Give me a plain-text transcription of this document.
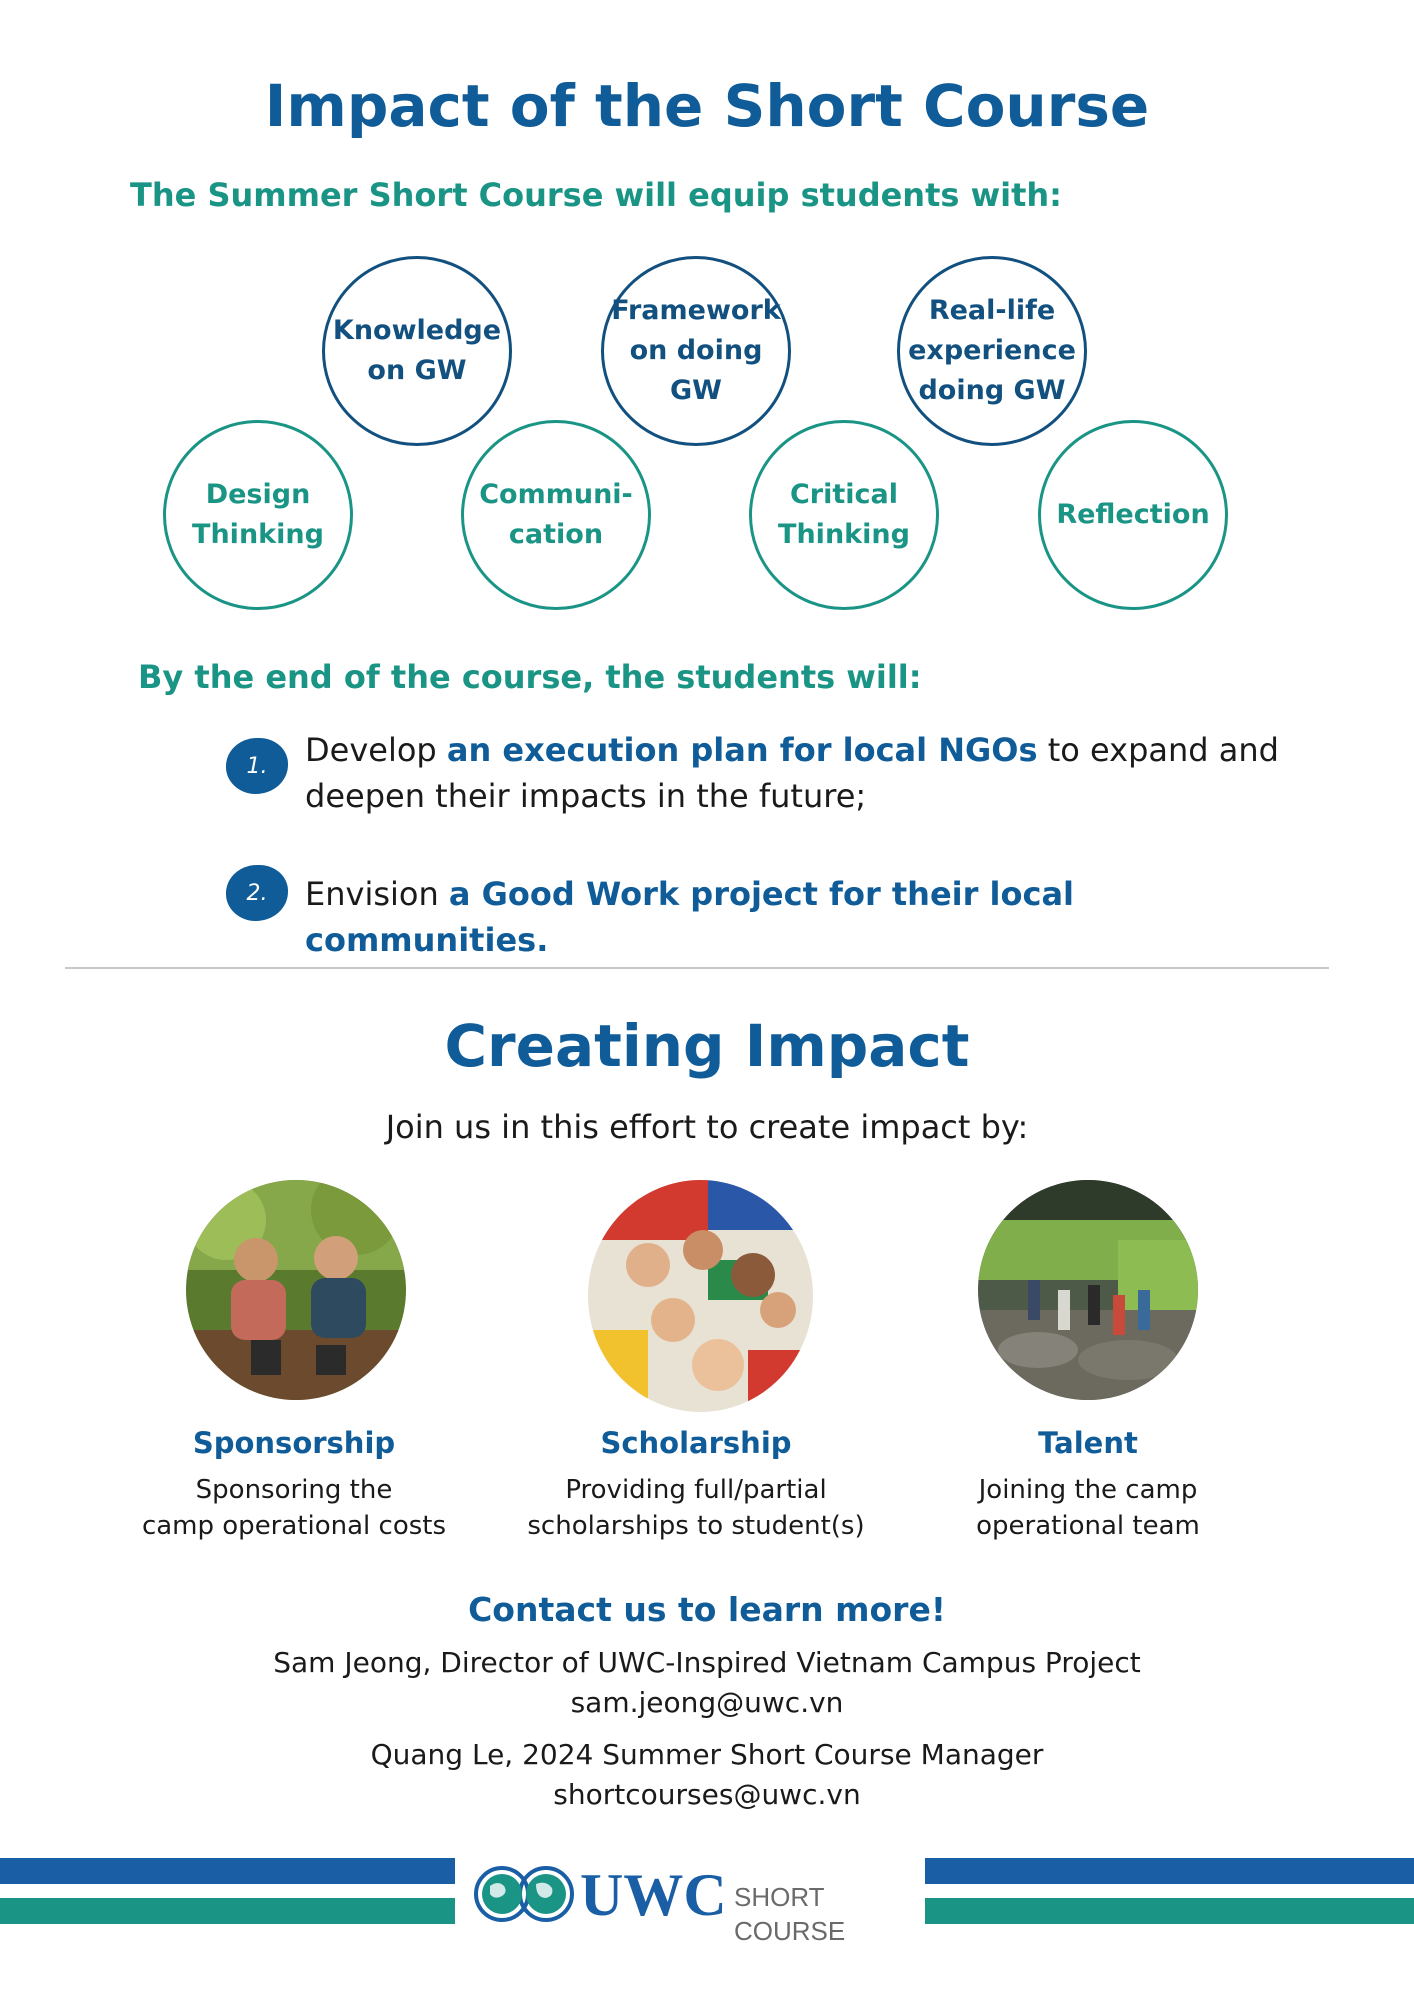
Impact of the Short Course
The Summer Short Course will equip students with:
Knowledge
on GW
Framework
on doing
GW
Real-life
experience
doing GW
Design
Thinking
Communi-
cation
Critical
Thinking
Reflection
By the end of the course, the students will:
1.	Develop an execution plan for local NGOs to expand and deepen their impacts in the future;
2.	Envision a Good Work project for their local communities.
Creating Impact
Join us in this effort to create impact by:
Sponsorship
Sponsoring the
camp operational costs
Scholarship
Providing full/partial
scholarships to student(s)
Talent
Joining the camp
operational team
Contact us to learn more!
Sam Jeong, Director of UWC-Inspired Vietnam Campus Project
sam.jeong@uwc.vn
Quang Le, 2024 Summer Short Course Manager
shortcourses@uwc.vn
UWC SHORT COURSE
